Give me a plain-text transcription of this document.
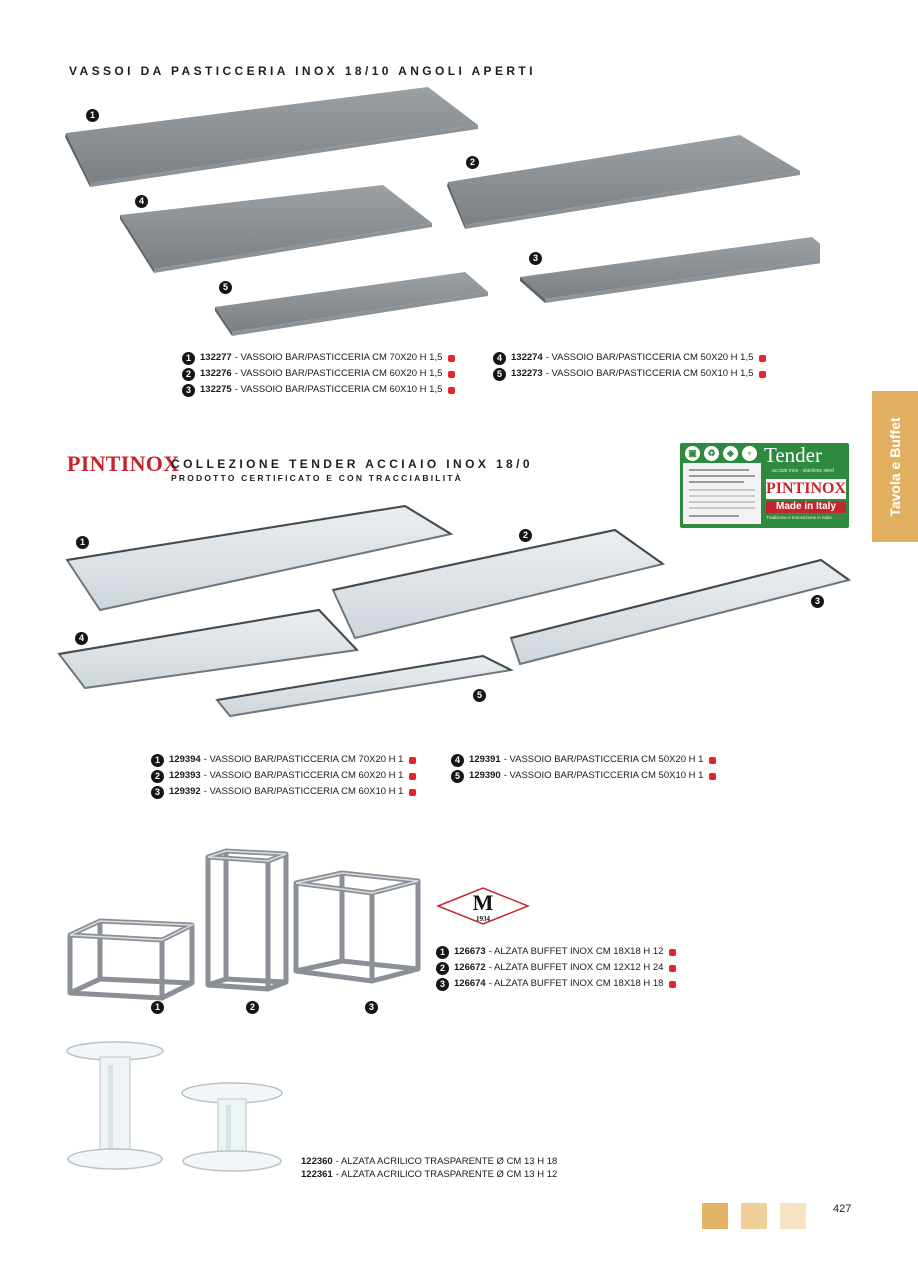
VASSOI DA PASTICCERIA INOX 18/10 ANGOLI APERTI
1
2
3
4
5
1 132277 - VASSOIO BAR/PASTICCERIA CM 70X20 H 1,5
2 132276 - VASSOIO BAR/PASTICCERIA CM 60X20 H 1,5
3 132275 - VASSOIO BAR/PASTICCERIA CM 60X10 H 1,5
4 132274 - VASSOIO BAR/PASTICCERIA CM 50X20 H 1,5
5 132273 - VASSOIO BAR/PASTICCERIA CM 50X10 H 1,5
Tavola e Buffet
PINTINOX
COLLEZIONE TENDER ACCIAIO INOX 18/0
PRODOTTO CERTIFICATO E CON TRACCIABILITÀ
▣	♻	◈	♆ Tender
acciaio inox - stainless steel
PINTINOX
Made in Italy
Tradizione e Innovazione in Italia
1
2
3
4
5
1 129394 - VASSOIO BAR/PASTICCERIA CM 70X20 H 1
2 129393 - VASSOIO BAR/PASTICCERIA CM 60X20 H 1
3 129392 - VASSOIO BAR/PASTICCERIA CM 60X10 H 1
4 129391 - VASSOIO BAR/PASTICCERIA CM 50X20 H 1
5 129390 - VASSOIO BAR/PASTICCERIA CM 50X10 H 1
1	2	3
M
1934
1 126673 - ALZATA BUFFET INOX CM 18X18 H 12
2 126672 - ALZATA BUFFET INOX CM 12X12 H 24
3 126674 - ALZATA BUFFET INOX CM 18X18 H 18
122360 - ALZATA ACRILICO TRASPARENTE Ø CM 13 H 18
122361 - ALZATA ACRILICO TRASPARENTE Ø CM 13 H 12
427
